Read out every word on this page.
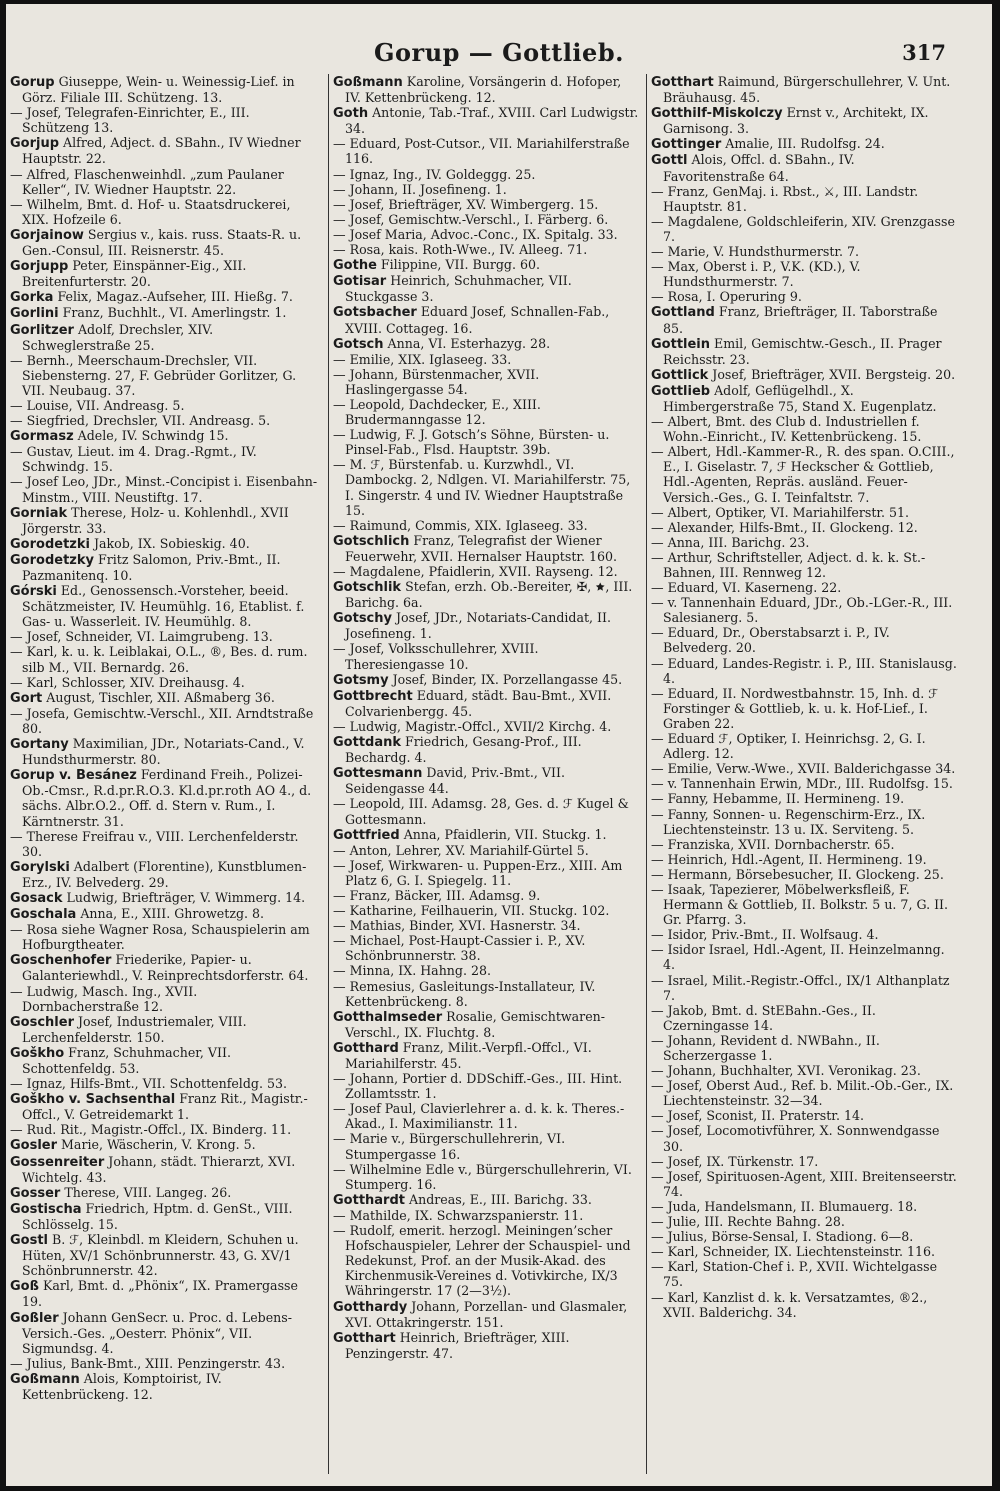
Gorup — Gottlieb.	317
Gorup Giuseppe, Wein- u. Weinessig-Lief. in Görz. Filiale III. Schützeng. 13.
— Josef, Telegrafen-Einrichter, E., III. Schützeng 13.
Gorjup Alfred, Adject. d. SBahn., IV Wiedner Hauptstr. 22.
— Alfred, Flaschenweinhdl. „zum Paulaner Keller“, IV. Wiedner Hauptstr. 22.
— Wilhelm, Bmt. d. Hof- u. Staatsdruckerei, XIX. Hofzeile 6.
Gorjainow Sergius v., kais. russ. Staats-R. u. Gen.-Consul, III. Reisnerstr. 45.
Gorjupp Peter, Einspänner-Eig., XII. Breitenfurterstr. 20.
Gorka Felix, Magaz.-Aufseher, III. Hießg. 7.
Gorlini Franz, Buchhlt., VI. Amerlingstr. 1.
Gorlitzer Adolf, Drechsler, XIV. Schweglerstraße 25.
— Bernh., Meerschaum-Drechsler, VII. Siebensterng. 27, F. Gebrüder Gorlitzer, G. VII. Neubaug. 37.
— Louise, VII. Andreasg. 5.
— Siegfried, Drechsler, VII. Andreasg. 5.
Gormasz Adele, IV. Schwindg 15.
— Gustav, Lieut. im 4. Drag.-Rgmt., IV. Schwindg. 15.
— Josef Leo, JDr., Minst.-Concipist i. Eisenbahn-Minstm., VIII. Neustiftg. 17.
Gorniak Therese, Holz- u. Kohlenhdl., XVII Jörgerstr. 33.
Gorodetzki Jakob, IX. Sobieskig. 40.
Gorodetzky Fritz Salomon, Priv.-Bmt., II. Pazmanitenq. 10.
Górski Ed., Genossensch.-Vorsteher, beeid. Schätzmeister, IV. Heumühlg. 16, Etablist. f. Gas- u. Wasserleit. IV. Heumühlg. 8.
— Josef, Schneider, VI. Laimgrubeng. 13.
— Karl, k. u. k. Leiblakai, O.L., ®, Bes. d. rum. silb M., VII. Bernardg. 26.
— Karl, Schlosser, XIV. Dreihausg. 4.
Gort August, Tischler, XII. Aßmaberg 36.
— Josefa, Gemischtw.-Verschl., XII. Arndtstraße 80.
Gortany Maximilian, JDr., Notariats-Cand., V. Hundsthurmerstr. 80.
Gorup v. Besánez Ferdinand Freih., Polizei-Ob.-Cmsr., R.d.pr.R.O.3. Kl.d.pr.roth AO 4., d. sächs. Albr.O.2., Off. d. Stern v. Rum., I. Kärntnerstr. 31.
— Therese Freifrau v., VIII. Lerchenfelderstr. 30.
Gorylski Adalbert (Florentine), Kunstblumen-Erz., IV. Belvederg. 29.
Gosack Ludwig, Briefträger, V. Wimmerg. 14.
Goschala Anna, E., XIII. Ghrowetzg. 8.
— Rosa siehe Wagner Rosa, Schauspielerin am Hofburgtheater.
Goschenhofer Friederike, Papier- u. Galanteriewhdl., V. Reinprechtsdorferstr. 64.
— Ludwig, Masch. Ing., XVII. Dornbacherstraße 12.
Goschler Josef, Industriemaler, VIII. Lerchenfelderstr. 150.
Goškho Franz, Schuhmacher, VII. Schottenfeldg. 53.
— Ignaz, Hilfs-Bmt., VII. Schottenfeldg. 53.
Goškho v. Sachsenthal Franz Rit., Magistr.-Offcl., V. Getreidemarkt 1.
— Rud. Rit., Magistr.-Offcl., IX. Binderg. 11.
Gosler Marie, Wäscherin, V. Krong. 5.
Gossenreiter Johann, städt. Thierarzt, XVI. Wichtelg. 43.
Gosser Therese, VIII. Langeg. 26.
Gostischa Friedrich, Hptm. d. GenSt., VIII. Schlösselg. 15.
Gostl B. ℱ, Kleinbdl. m Kleidern, Schuhen u. Hüten, XV/1 Schönbrunnerstr. 43, G. XV/1 Schönbrunnerstr. 42.
Goß Karl, Bmt. d. „Phönix“, IX. Pramergasse 19.
Goßler Johann GenSecr. u. Proc. d. Lebens-Versich.-Ges. „Oesterr. Phönix“, VII. Sigmundsg. 4.
— Julius, Bank-Bmt., XIII. Penzingerstr. 43.
Goßmann Alois, Komptoirist, IV. Kettenbrückeng. 12.
Goßmann Karoline, Vorsängerin d. Hofoper, IV. Kettenbrückeng. 12.
Goth Antonie, Tab.-Traf., XVIII. Carl Ludwigstr. 34.
— Eduard, Post-Cutsor., VII. Mariahilferstraße 116.
— Ignaz, Ing., IV. Goldeggg. 25.
— Johann, II. Josefineng. 1.
— Josef, Briefträger, XV. Wimbergerg. 15.
— Josef, Gemischtw.-Verschl., I. Färberg. 6.
— Josef Maria, Advoc.-Conc., IX. Spitalg. 33.
— Rosa, kais. Roth-Wwe., IV. Alleeg. 71.
Gothe Filippine, VII. Burgg. 60.
Gotisar Heinrich, Schuhmacher, VII. Stuckgasse 3.
Gotsbacher Eduard Josef, Schnallen-Fab., XVIII. Cottageg. 16.
Gotsch Anna, VI. Esterhazyg. 28.
— Emilie, XIX. Iglaseeg. 33.
— Johann, Bürstenmacher, XVII. Haslingergasse 54.
— Leopold, Dachdecker, E., XIII. Brudermanngasse 12.
— Ludwig, F. J. Gotsch’s Söhne, Bürsten- u. Pinsel-Fab., Flsd. Hauptstr. 39b.
— M. ℱ, Bürstenfab. u. Kurzwhdl., VI. Dambockg. 2, Ndlgen. VI. Mariahilferstr. 75, I. Singerstr. 4 und IV. Wiedner Hauptstraße 15.
— Raimund, Commis, XIX. Iglaseeg. 33.
Gotschlich Franz, Telegrafist der Wiener Feuerwehr, XVII. Hernalser Hauptstr. 160.
— Magdalene, Pfaidlerin, XVII. Rayseng. 12.
Gotschlik Stefan, erzh. Ob.-Bereiter, ✠, 🟊, III. Barichg. 6a.
Gotschy Josef, JDr., Notariats-Candidat, II. Josefineng. 1.
— Josef, Volksschullehrer, XVIII. Theresiengasse 10.
Gotsmy Josef, Binder, IX. Porzellangasse 45.
Gottbrecht Eduard, städt. Bau-Bmt., XVII. Colvarienbergg. 45.
— Ludwig, Magistr.-Offcl., XVII/2 Kirchg. 4.
Gottdank Friedrich, Gesang-Prof., III. Bechardg. 4.
Gottesmann David, Priv.-Bmt., VII. Seidengasse 44.
— Leopold, III. Adamsg. 28, Ges. d. ℱ Kugel & Gottesmann.
Gottfried Anna, Pfaidlerin, VII. Stuckg. 1.
— Anton, Lehrer, XV. Mariahilf-Gürtel 5.
— Josef, Wirkwaren- u. Puppen-Erz., XIII. Am Platz 6, G. I. Spiegelg. 11.
— Franz, Bäcker, III. Adamsg. 9.
— Katharine, Feilhauerin, VII. Stuckg. 102.
— Mathias, Binder, XVI. Hasnerstr. 34.
— Michael, Post-Haupt-Cassier i. P., XV. Schönbrunnerstr. 38.
— Minna, IX. Hahng. 28.
— Remesius, Gasleitungs-Installateur, IV. Kettenbrückeng. 8.
Gotthalmseder Rosalie, Gemischtwaren-Verschl., IX. Fluchtg. 8.
Gotthard Franz, Milit.-Verpfl.-Offcl., VI. Mariahilferstr. 45.
— Johann, Portier d. DDSchiff.-Ges., III. Hint. Zollamtsstr. 1.
— Josef Paul, Clavierlehrer a. d. k. k. Theres.-Akad., I. Maximilianstr. 11.
— Marie v., Bürgerschullehrerin, VI. Stumpergasse 16.
— Wilhelmine Edle v., Bürgerschullehrerin, VI. Stumperg. 16.
Gotthardt Andreas, E., III. Barichg. 33.
— Mathilde, IX. Schwarzspanierstr. 11.
— Rudolf, emerit. herzogl. Meiningen’scher Hofschauspieler, Lehrer der Schauspiel- und Redekunst, Prof. an der Musik-Akad. des Kirchenmusik-Vereines d. Votivkirche, IX/3 Währingerstr. 17 (2—3½).
Gotthardy Johann, Porzellan- und Glasmaler, XVI. Ottakringerstr. 151.
Gotthart Heinrich, Briefträger, XIII. Penzingerstr. 47.
Gotthart Raimund, Bürgerschullehrer, V. Unt. Bräuhausg. 45.
Gotthilf-Miskolczy Ernst v., Architekt, IX. Garnisong. 3.
Gottinger Amalie, III. Rudolfsg. 24.
Gottl Alois, Offcl. d. SBahn., IV. Favoritenstraße 64.
— Franz, GenMaj. i. Rbst., ⚔, III. Landstr. Hauptstr. 81.
— Magdalene, Goldschleiferin, XIV. Grenzgasse 7.
— Marie, V. Hundsthurmerstr. 7.
— Max, Oberst i. P., V.K. (KD.), V. Hundsthurmerstr. 7.
— Rosa, I. Operuring 9.
Gottland Franz, Briefträger, II. Taborstraße 85.
Gottlein Emil, Gemischtw.-Gesch., II. Prager Reichsstr. 23.
Gottlick Josef, Briefträger, XVII. Bergsteig. 20.
Gottlieb Adolf, Geflügelhdl., X. Himbergerstraße 75, Stand X. Eugenplatz.
— Albert, Bmt. des Club d. Industriellen f. Wohn.-Einricht., IV. Kettenbrückeng. 15.
— Albert, Hdl.-Kammer-R., R. des span. O.CIII., E., I. Giselastr. 7, ℱ Heckscher & Gottlieb, Hdl.-Agenten, Repräs. ausländ. Feuer-Versich.-Ges., G. I. Teinfaltstr. 7.
— Albert, Optiker, VI. Mariahilferstr. 51.
— Alexander, Hilfs-Bmt., II. Glockeng. 12.
— Anna, III. Barichg. 23.
— Arthur, Schriftsteller, Adject. d. k. k. St.-Bahnen, III. Rennweg 12.
— Eduard, VI. Kaserneng. 22.
— v. Tannenhain Eduard, JDr., Ob.-LGer.-R., III. Salesianerg. 5.
— Eduard, Dr., Oberstabsarzt i. P., IV. Belvederg. 20.
— Eduard, Landes-Registr. i. P., III. Stanislausg. 4.
— Eduard, II. Nordwestbahnstr. 15, Inh. d. ℱ Forstinger & Gottlieb, k. u. k. Hof-Lief., I. Graben 22.
— Eduard ℱ, Optiker, I. Heinrichsg. 2, G. I. Adlerg. 12.
— Emilie, Verw.-Wwe., XVII. Balderichgasse 34.
— v. Tannenhain Erwin, MDr., III. Rudolfsg. 15.
— Fanny, Hebamme, II. Hermineng. 19.
— Fanny, Sonnen- u. Regenschirm-Erz., IX. Liechtensteinstr. 13 u. IX. Serviteng. 5.
— Franziska, XVII. Dornbacherstr. 65.
— Heinrich, Hdl.-Agent, II. Hermineng. 19.
— Hermann, Börsebesucher, II. Glockeng. 25.
— Isaak, Tapezierer, Möbelwerksfleiß, F. Hermann & Gottlieb, II. Bolkstr. 5 u. 7, G. II. Gr. Pfarrg. 3.
— Isidor, Priv.-Bmt., II. Wolfsaug. 4.
— Isidor Israel, Hdl.-Agent, II. Heinzelmanng. 4.
— Israel, Milit.-Registr.-Offcl., IX/1 Althanplatz 7.
— Jakob, Bmt. d. StEBahn.-Ges., II. Czerningasse 14.
— Johann, Revident d. NWBahn., II. Scherzergasse 1.
— Johann, Buchhalter, XVI. Veronikag. 23.
— Josef, Oberst Aud., Ref. b. Milit.-Ob.-Ger., IX. Liechtensteinstr. 32—34.
— Josef, Sconist, II. Praterstr. 14.
— Josef, Locomotivführer, X. Sonnwendgasse 30.
— Josef, IX. Türkenstr. 17.
— Josef, Spirituosen-Agent, XIII. Breitenseerstr. 74.
— Juda, Handelsmann, II. Blumauerg. 18.
— Julie, III. Rechte Bahng. 28.
— Julius, Börse-Sensal, I. Stadiong. 6—8.
— Karl, Schneider, IX. Liechtensteinstr. 116.
— Karl, Station-Chef i. P., XVII. Wichtelgasse 75.
— Karl, Kanzlist d. k. k. Versatzamtes, ®2., XVII. Balderichg. 34.
